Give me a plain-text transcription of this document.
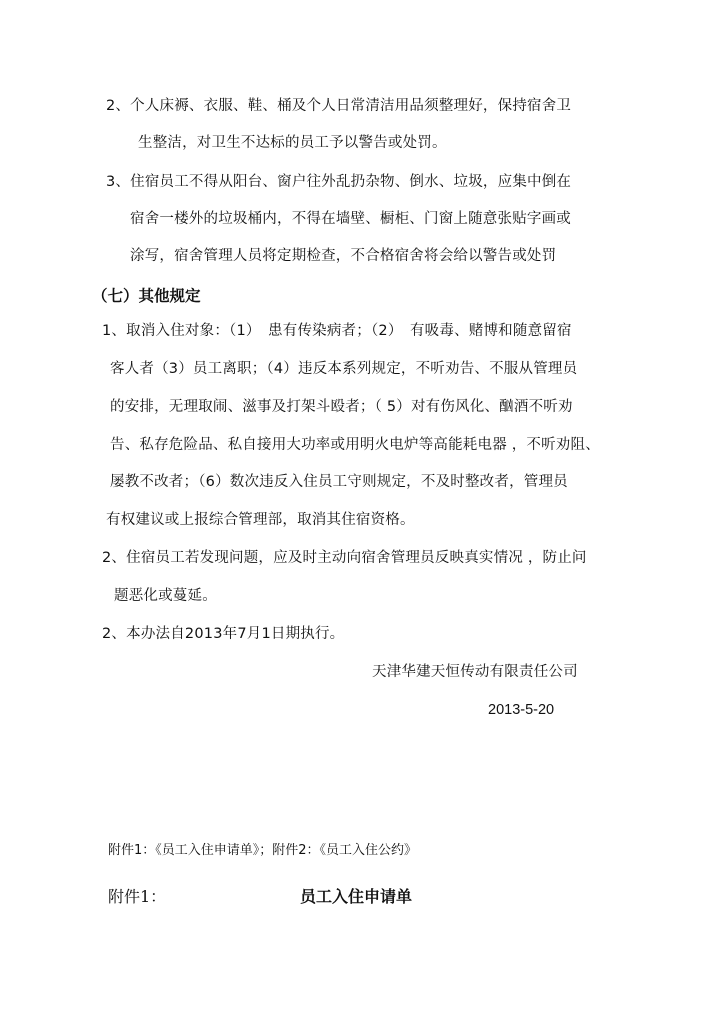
2、个人床褥、衣服、鞋、桶及个人日常清洁用品须整理好，保持宿舍卫
生整洁，对卫生不达标的员工予以警告或处罚。
3、住宿员工不得从阳台、窗户往外乱扔杂物、倒水、垃圾，应集中倒在
宿舍一楼外的垃圾桶内，不得在墙壁、橱柜、门窗上随意张贴字画或
涂写，宿舍管理人员将定期检查，不合格宿舍将会给以警告或处罚
（七）其他规定
1、取消入住对象：（1）　患有传染病者；（2）　有吸毒、赌博和随意留宿
客人者（3）员工离职；（4）违反本系列规定，不听劝告、不服从管理员
的安排，无理取闹、滋事及打架斗殴者；（ 5）对有伤风化、酗酒不听劝
告、私存危险品、私自接用大功率或用明火电炉等高能耗电器 ，不听劝阻、
屡教不改者；（6）数次违反入住员工守则规定，不及时整改者，管理员
有权建议或上报综合管理部，取消其住宿资格。
2、住宿员工若发现问题，应及时主动向宿舍管理员反映真实情况 ，防止问
题恶化或蔓延。
2、本办法自2013年7月1日期执行。
天津华建天恒传动有限责任公司
2013-5-20
附件1：《员工入住申请单》；附件2：《员工入住公约》
附件1：	员工入住申请单
